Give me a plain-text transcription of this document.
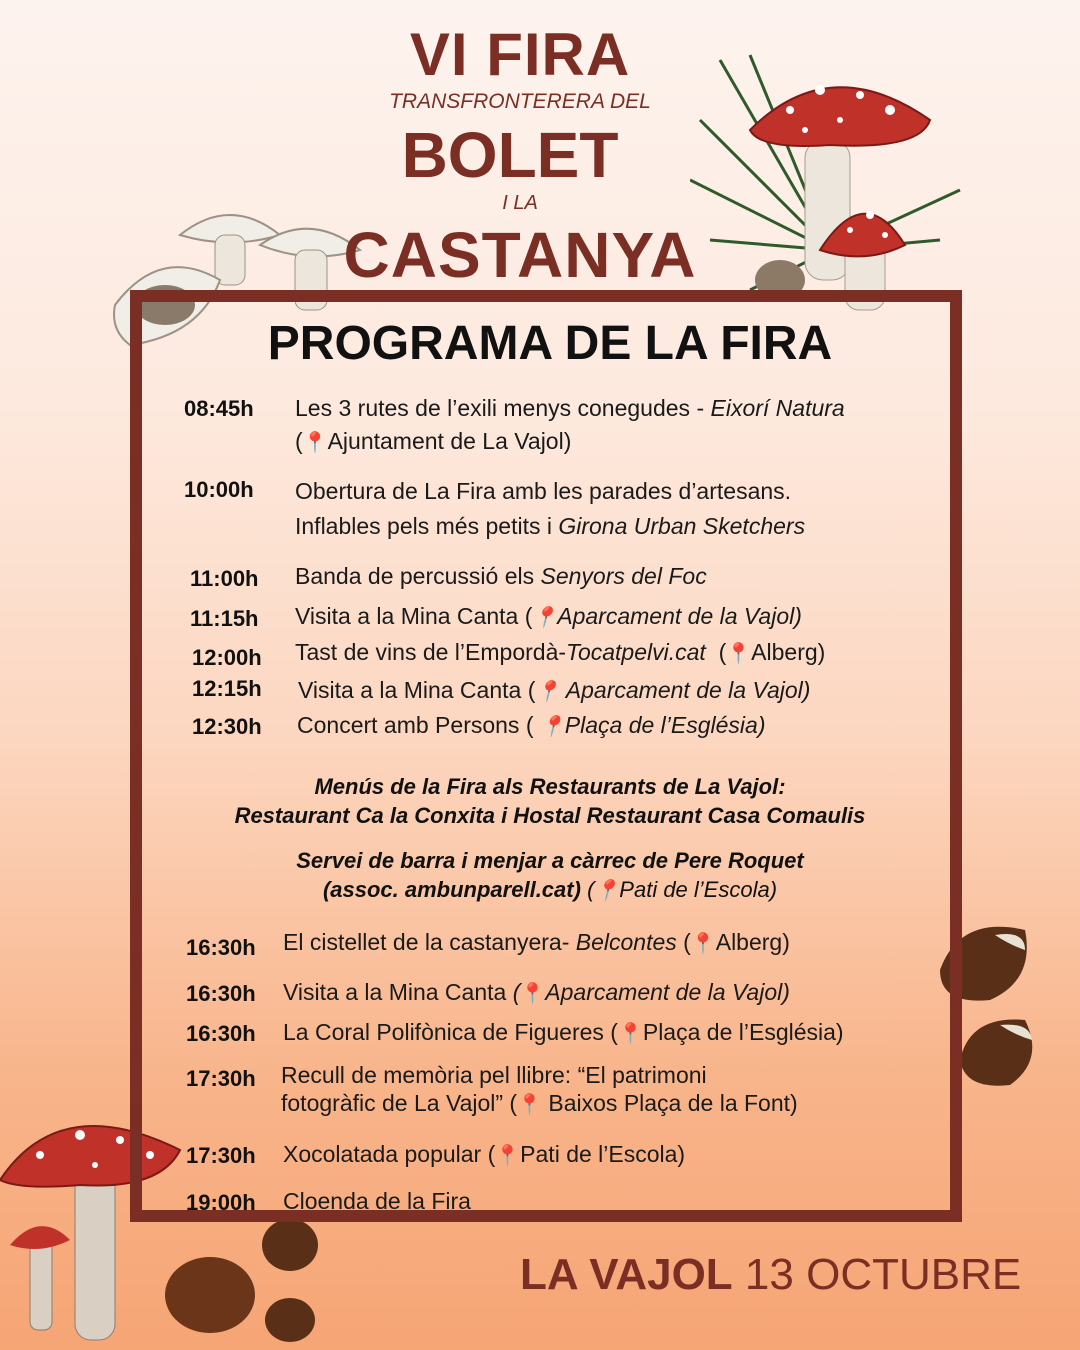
VI FIRA
TRANSFRONTERERA DEL
BOLET
I LA
CASTANYA
PROGRAMA DE LA FIRA
08:45h Les 3 rutes de l’exili menys conegudes - Eixorí Natura
(📍Ajuntament de La Vajol)
10:00h Obertura de La Fira amb les parades d’artesans.
Inflables pels més petits i Girona Urban Sketchers
11:00h Banda de percussió els Senyors del Foc
11:15h Visita a la Mina Canta (📍Aparcament de la Vajol)
12:00h Tast de vins de l’Empordà-Tocatpelvi.cat  (📍Alberg)
12:15h Visita a la Mina Canta (📍 Aparcament de la Vajol)
12:30h Concert amb Persons ( 📍Plaça de l’Església)
Menús de la Fira als Restaurants de La Vajol:
Restaurant Ca la Conxita i Hostal Restaurant Casa Comaulis
Servei de barra i menjar a càrrec de Pere Roquet
(assoc. ambunparell.cat) (📍Pati de l’Escola)
16:30h El cistellet de la castanyera- Belcontes (📍Alberg)
16:30h Visita a la Mina Canta (📍Aparcament de la Vajol)
16:30h La Coral Polifònica de Figueres (📍Plaça de l’Església)
17:30h Recull de memòria pel llibre: “El patrimoni
fotogràfic de La Vajol” (📍 Baixos Plaça de la Font)
17:30h Xocolatada popular (📍Pati de l’Escola)
19:00h Cloenda de la Fira
LA VAJOL 13 OCTUBRE
